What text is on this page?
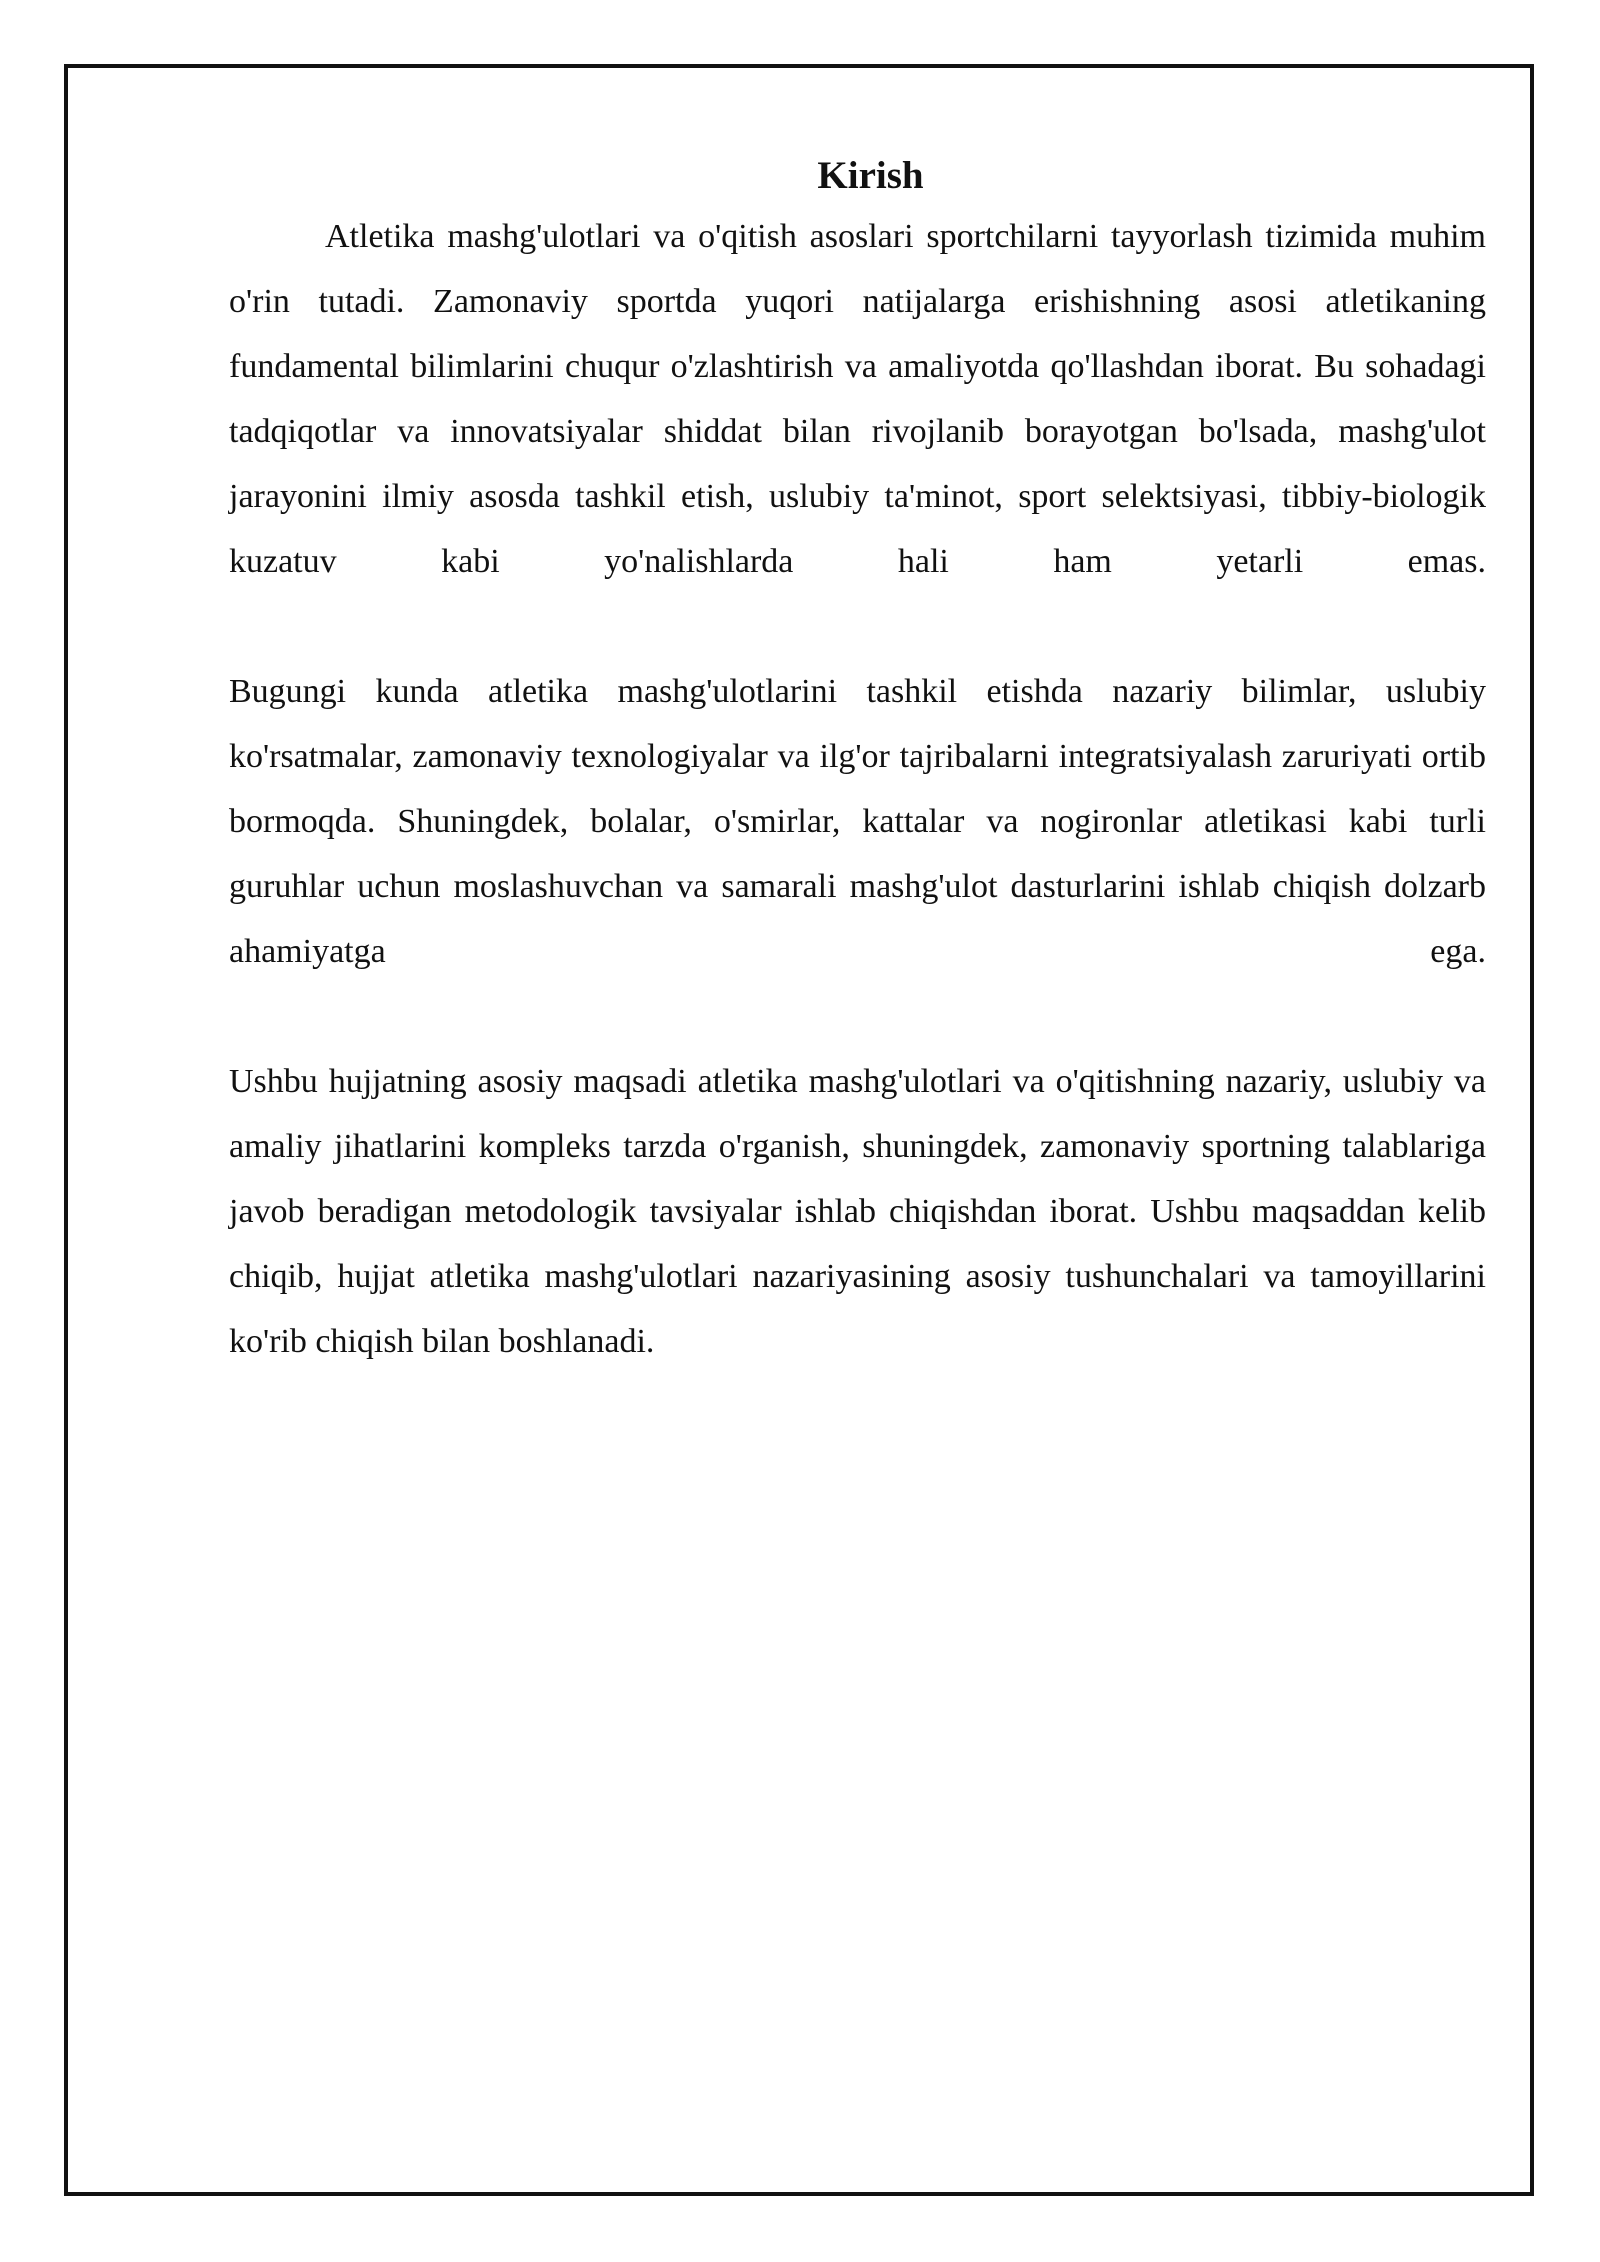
Kirish

Atletika mashg'ulotlari va o'qitish asoslari sportchilarni tayyorlash tizimida muhim o'rin tutadi. Zamonaviy sportda yuqori natijalarga erishishning asosi atletikaning fundamental bilimlarini chuqur o'zlashtirish va amaliyotda qo'llashdan iborat. Bu sohadagi tadqiqotlar va innovatsiyalar shiddat bilan rivojlanib borayotgan bo'lsada, mashg'ulot jarayonini ilmiy asosda tashkil etish, uslubiy ta'minot, sport selektsiyasi, tibbiy-biologik kuzatuv kabi yo'nalishlarda hali ham yetarli emas.

Bugungi kunda atletika mashg'ulotlarini tashkil etishda nazariy bilimlar, uslubiy ko'rsatmalar, zamonaviy texnologiyalar va ilg'or tajribalarni integratsiyalash zaruriyati ortib bormoqda. Shuningdek, bolalar, o'smirlar, kattalar va nogironlar atletikasi kabi turli guruhlar uchun moslashuvchan va samarali mashg'ulot dasturlarini ishlab chiqish dolzarb ahamiyatga ega.

Ushbu hujjatning asosiy maqsadi atletika mashg'ulotlari va o'qitishning nazariy, uslubiy va amaliy jihatlarini kompleks tarzda o'rganish, shuningdek, zamonaviy sportning talablariga javob beradigan metodologik tavsiyalar ishlab chiqishdan iborat. Ushbu maqsaddan kelib chiqib, hujjat atletika mashg'ulotlari nazariyasining asosiy tushunchalari va tamoyillarini ko'rib chiqish bilan boshlanadi.
